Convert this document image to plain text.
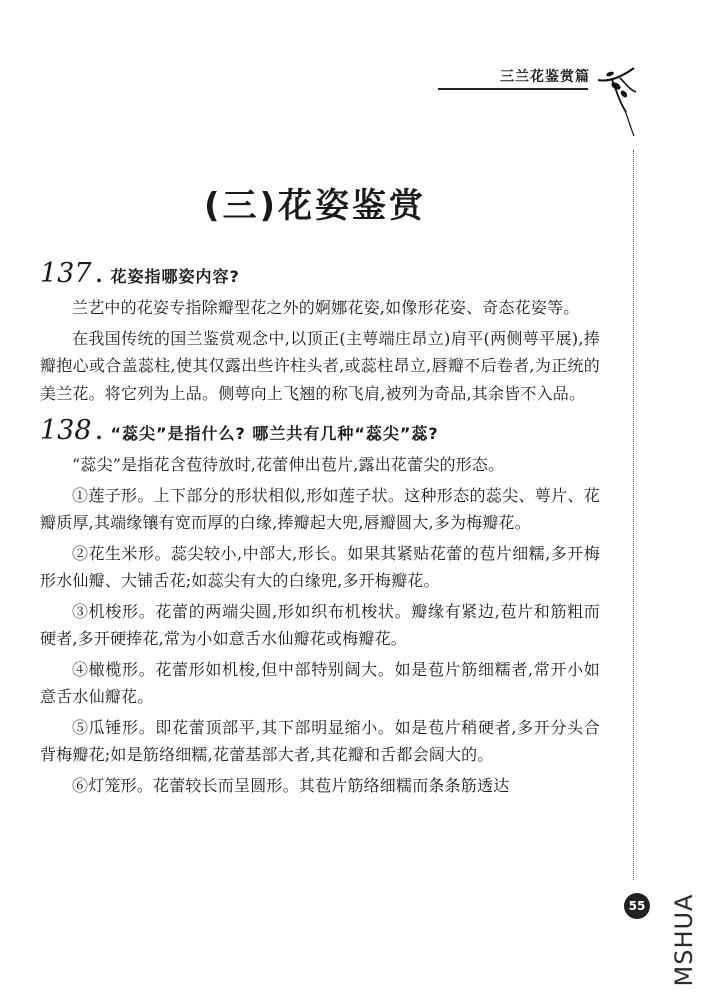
三兰花鉴赏篇
(三)花姿鉴赏
137 . 花姿指哪姿内容?

兰艺中的花姿专指除瓣型花之外的婀娜花姿,如像形花姿、奇态花姿等。

在我国传统的国兰鉴赏观念中,以顶正(主萼端庄昂立)肩平(两侧萼平展),捧瓣抱心或合盖蕊柱,使其仅露出些许柱头者,或蕊柱昂立,唇瓣不后卷者,为正统的美兰花。将它列为上品。侧萼向上飞翘的称飞肩,被列为奇品,其余皆不入品。

138 . “蕊尖”是指什么? 哪兰共有几种“蕊尖”蕊?

“蕊尖”是指花含苞待放时,花蕾伸出苞片,露出花蕾尖的形态。

①莲子形。上下部分的形状相似,形如莲子状。这种形态的蕊尖、萼片、花瓣质厚,其端缘镶有宽而厚的白缘,捧瓣起大兜,唇瓣圆大,多为梅瓣花。

②花生米形。蕊尖较小,中部大,形长。如果其紧贴花蕾的苞片细糯,多开梅形水仙瓣、大铺舌花;如蕊尖有大的白缘兜,多开梅瓣花。

③机梭形。花蕾的两端尖圆,形如织布机梭状。瓣缘有紧边,苞片和筋粗而硬者,多开硬捧花,常为小如意舌水仙瓣花或梅瓣花。

④橄榄形。花蕾形如机梭,但中部特别阔大。如是苞片筋细糯者,常开小如意舌水仙瓣花。

⑤瓜锤形。即花蕾顶部平,其下部明显缩小。如是苞片稍硬者,多开分头合背梅瓣花;如是筋络细糯,花蕾基部大者,其花瓣和舌都会阔大的。

⑥灯笼形。花蕾较长而呈圆形。其苞片筋络细糯而条条筋透达

55 MSHUA
